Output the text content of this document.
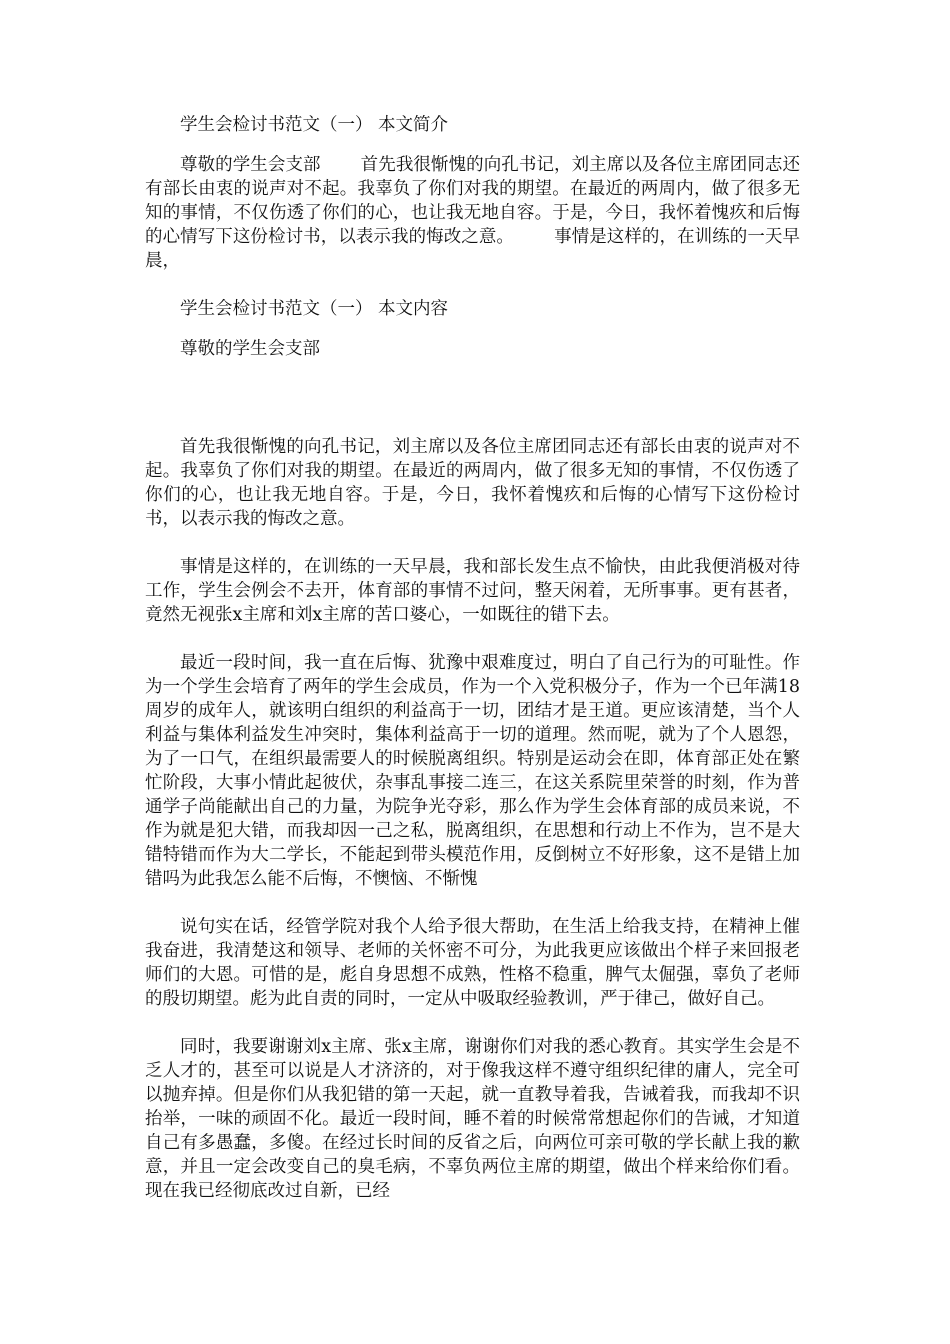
学生会检讨书范文（一） 本文简介

尊敬的学生会支部 首先我很惭愧的向孔书记，刘主席以及各位主席团同志还有部长由衷的说声对不起。我辜负了你们对我的期望。在最近的两周内，做了很多无知的事情，不仅伤透了你们的心，也让我无地自容。于是，今日，我怀着愧疚和后悔的心情写下这份检讨书，以表示我的悔改之意。 事情是这样的，在训练的一天早晨，

学生会检讨书范文（一） 本文内容

尊敬的学生会支部

首先我很惭愧的向孔书记，刘主席以及各位主席团同志还有部长由衷的说声对不起。我辜负了你们对我的期望。在最近的两周内，做了很多无知的事情，不仅伤透了你们的心，也让我无地自容。于是，今日，我怀着愧疚和后悔的心情写下这份检讨书，以表示我的悔改之意。

事情是这样的，在训练的一天早晨，我和部长发生点不愉快，由此我便消极对待工作，学生会例会不去开，体育部的事情不过问，整天闲着，无所事事。更有甚者，竟然无视张x主席和刘x主席的苦口婆心，一如既往的错下去。

最近一段时间，我一直在后悔、犹豫中艰难度过，明白了自己行为的可耻性。作为一个学生会培育了两年的学生会成员，作为一个入党积极分子，作为一个已年满18周岁的成年人，就该明白组织的利益高于一切，团结才是王道。更应该清楚，当个人利益与集体利益发生冲突时，集体利益高于一切的道理。然而呢，就为了个人恩怨，为了一口气，在组织最需要人的时候脱离组织。特别是运动会在即，体育部正处在繁忙阶段，大事小情此起彼伏，杂事乱事接二连三，在这关系院里荣誉的时刻，作为普通学子尚能献出自己的力量，为院争光夺彩，那么作为学生会体育部的成员来说，不作为就是犯大错，而我却因一己之私，脱离组织，在思想和行动上不作为，岂不是大错特错而作为大二学长，不能起到带头模范作用，反倒树立不好形象，这不是错上加错吗为此我怎么能不后悔，不懊恼、不惭愧

说句实在话，经管学院对我个人给予很大帮助，在生活上给我支持，在精神上催我奋进，我清楚这和领导、老师的关怀密不可分，为此我更应该做出个样子来回报老师们的大恩。可惜的是，彪自身思想不成熟，性格不稳重，脾气太倔强，辜负了老师的殷切期望。彪为此自责的同时，一定从中吸取经验教训，严于律己，做好自己。

同时，我要谢谢刘x主席、张x主席，谢谢你们对我的悉心教育。其实学生会是不乏人才的，甚至可以说是人才济济的，对于像我这样不遵守组织纪律的庸人，完全可以抛弃掉。但是你们从我犯错的第一天起，就一直教导着我，告诫着我，而我却不识抬举，一味的顽固不化。最近一段时间，睡不着的时候常常想起你们的告诫，才知道自己有多愚蠢，多傻。在经过长时间的反省之后，向两位可亲可敬的学长献上我的歉意，并且一定会改变自己的臭毛病，不辜负两位主席的期望，做出个样来给你们看。现在我已经彻底改过自新，已经
